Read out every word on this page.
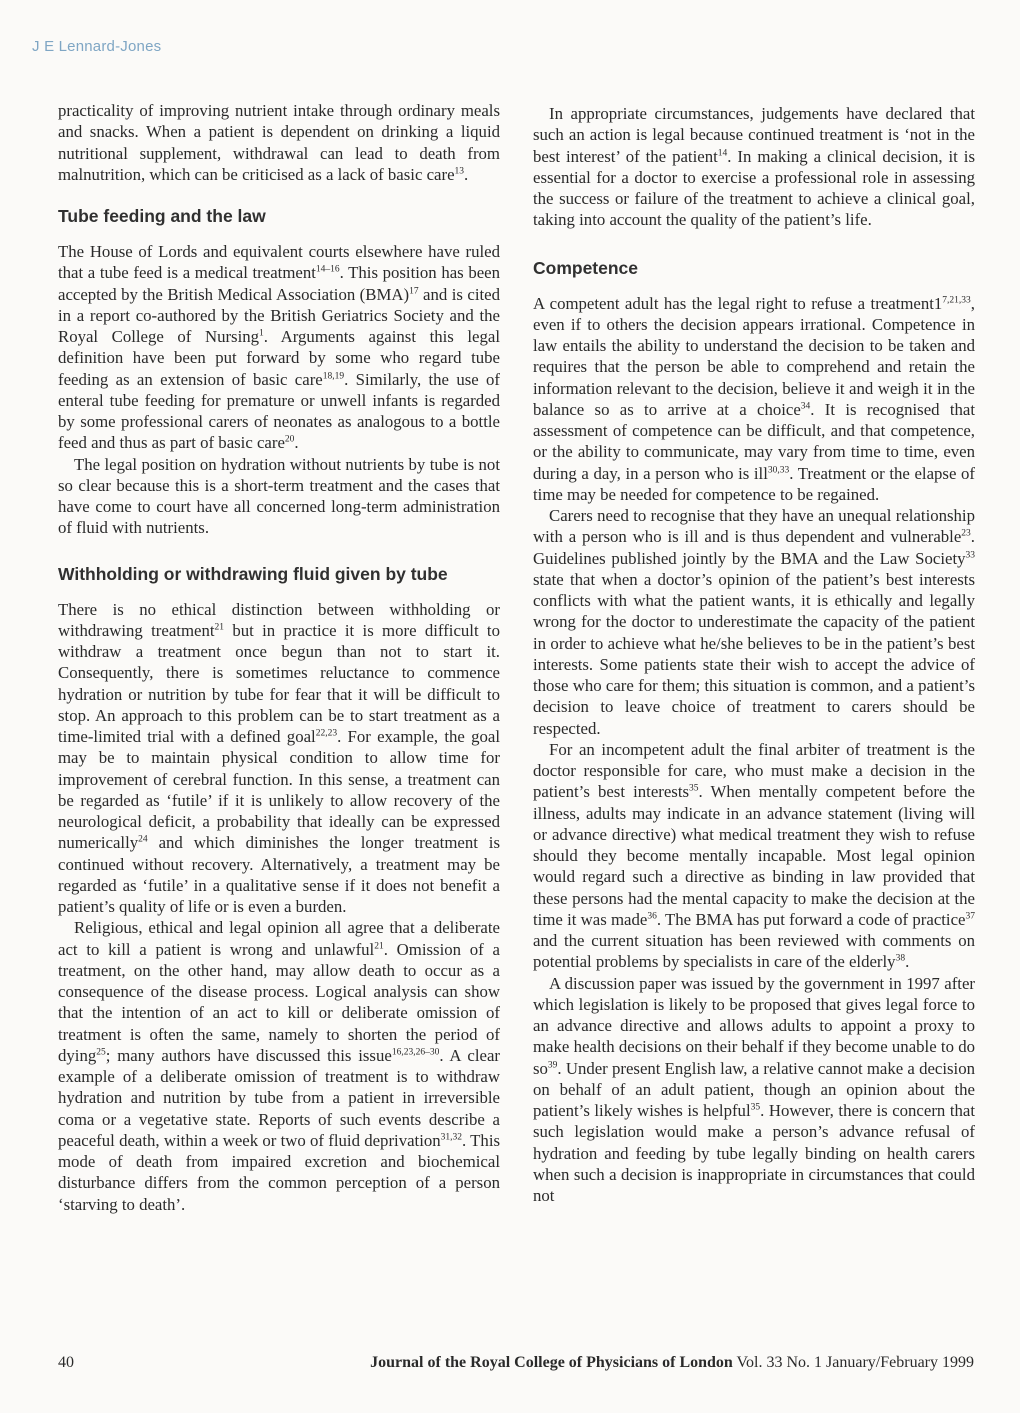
J E Lennard-Jones

practicality of improving nutrient intake through ordinary meals and snacks. When a patient is dependent on drinking a liquid nutritional supplement, withdrawal can lead to death from malnutrition, which can be criticised as a lack of basic care$^{13}$.

Tube feeding and the law

The House of Lords and equivalent courts elsewhere have ruled that a tube feed is a medical treatment$^{14-16}$. This position has been accepted by the British Medical Association (BMA)$^{17}$ and is cited in a report co-authored by the British Geriatrics Society and the Royal College of Nursing$^1$. Arguments against this legal definition have been put forward by some who regard tube feeding as an extension of basic care$^{18,19}$. Similarly, the use of enteral tube feeding for premature or unwell infants is regarded by some professional carers of neonates as analogous to a bottle feed and thus as part of basic care$^{20}$.

The legal position on hydration without nutrients by tube is not so clear because this is a short-term treatment and the cases that have come to court have all concerned long-term administration of fluid with nutrients.

Withholding or withdrawing fluid given by tube

There is no ethical distinction between withholding or withdrawing treatment$^{21}$ but in practice it is more difficult to withdraw a treatment once begun than not to start it. Consequently, there is sometimes reluctance to commence hydration or nutrition by tube for fear that it will be difficult to stop. An approach to this problem can be to start treatment as a time-limited trial with a defined goal$^{22,23}$. For example, the goal may be to maintain physical condition to allow time for improvement of cerebral function. In this sense, a treatment can be regarded as ‘futile’ if it is unlikely to allow recovery of the neurological deficit, a probability that ideally can be expressed numerically$^{24}$ and which diminishes the longer treatment is continued without recovery. Alternatively, a treatment may be regarded as ‘futile’ in a qualitative sense if it does not benefit a patient’s quality of life or is even a burden.

Religious, ethical and legal opinion all agree that a deliberate act to kill a patient is wrong and unlawful$^{21}$. Omission of a treatment, on the other hand, may allow death to occur as a consequence of the disease process. Logical analysis can show that the intention of an act to kill or deliberate omission of treatment is often the same, namely to shorten the period of dying$^{25}$; many authors have discussed this issue$^{16,23,26-30}$. A clear example of a deliberate omission of treatment is to withdraw hydration and nutrition by tube from a patient in irreversible coma or a vegetative state. Reports of such events describe a peaceful death, within a week or two of fluid deprivation$^{31,32}$. This mode of death from impaired excretion and biochemical disturbance differs from the common perception of a person ‘starving to death’.

In appropriate circumstances, judgements have declared that such an action is legal because continued treatment is ‘not in the best interest’ of the patient$^{14}$. In making a clinical decision, it is essential for a doctor to exercise a professional role in assessing the success or failure of the treatment to achieve a clinical goal, taking into account the quality of the patient’s life.

Competence

A competent adult has the legal right to refuse a treatment1$^{7,21,33}$, even if to others the decision appears irrational. Competence in law entails the ability to understand the decision to be taken and requires that the person be able to comprehend and retain the information relevant to the decision, believe it and weigh it in the balance so as to arrive at a choice$^{34}$. It is recognised that assessment of competence can be difficult, and that competence, or the ability to communicate, may vary from time to time, even during a day, in a person who is ill$^{30,33}$. Treatment or the elapse of time may be needed for competence to be regained.

Carers need to recognise that they have an unequal relationship with a person who is ill and is thus dependent and vulnerable$^{23}$. Guidelines published jointly by the BMA and the Law Society$^{33}$ state that when a doctor’s opinion of the patient’s best interests conflicts with what the patient wants, it is ethically and legally wrong for the doctor to underestimate the capacity of the patient in order to achieve what he/she believes to be in the patient’s best interests. Some patients state their wish to accept the advice of those who care for them; this situation is common, and a patient’s decision to leave choice of treatment to carers should be respected.

For an incompetent adult the final arbiter of treatment is the doctor responsible for care, who must make a decision in the patient’s best interests$^{35}$. When mentally competent before the illness, adults may indicate in an advance statement (living will or advance directive) what medical treatment they wish to refuse should they become mentally incapable. Most legal opinion would regard such a directive as binding in law provided that these persons had the mental capacity to make the decision at the time it was made$^{36}$. The BMA has put forward a code of practice$^{37}$ and the current situation has been reviewed with comments on potential problems by specialists in care of the elderly$^{38}$.

A discussion paper was issued by the government in 1997 after which legislation is likely to be proposed that gives legal force to an advance directive and allows adults to appoint a proxy to make health decisions on their behalf if they become unable to do $so^{39}$. Under present English law, a relative cannot make a decision on behalf of an adult patient, though an opinion about the patient’s likely wishes is helpful$^{35}$. However, there is concern that such legislation would make a person’s advance refusal of hydration and feeding by tube legally binding on health carers when such a decision is inappropriate in circumstances that could not

40	Journal of the Royal College of Physicians of London Vol. 33 No. 1 January/February 1999
